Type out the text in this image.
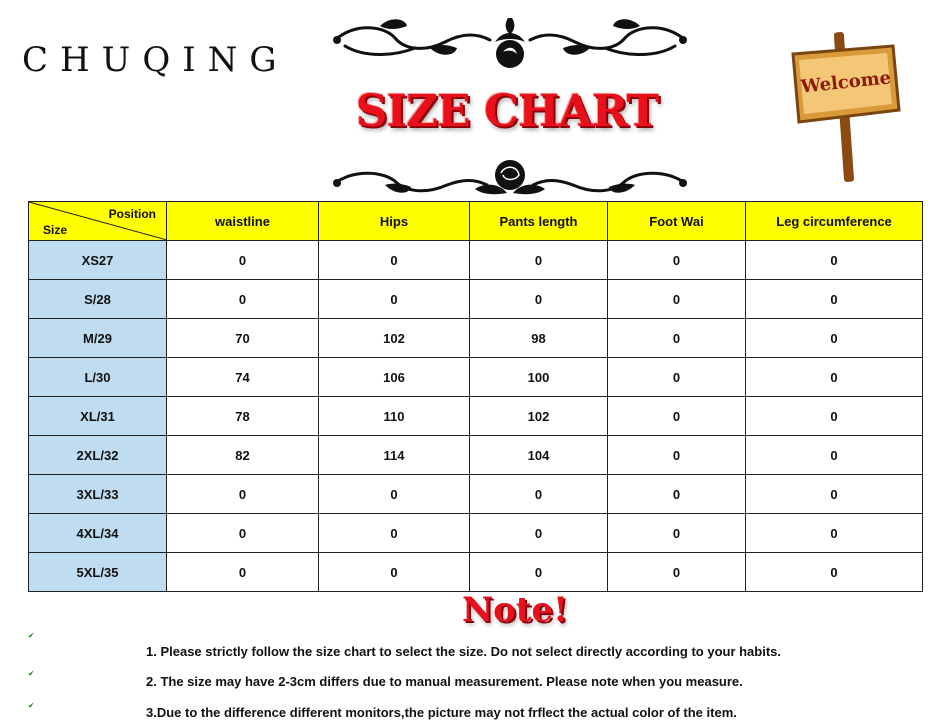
CHUQING
SIZE CHART
Welcome
Position
Size	waistline	Hips	Pants length	Foot Wai	Leg circumference
XS27	0	0	0	0	0
S/28	0	0	0	0	0
M/29	70	102	98	0	0
L/30	74	106	100	0	0
XL/31	78	110	102	0	0
2XL/32	82	114	104	0	0
3XL/33	0	0	0	0	0
4XL/34	0	0	0	0	0
5XL/35	0	0	0	0	0
Note!
1. Please strictly follow the size chart to select the size. Do not select directly according to your habits.
2. The size may have 2-3cm differs due to manual measurement. Please note when you measure.
3.Due to the difference different monitors,the picture may not frflect the actual color of the item.
